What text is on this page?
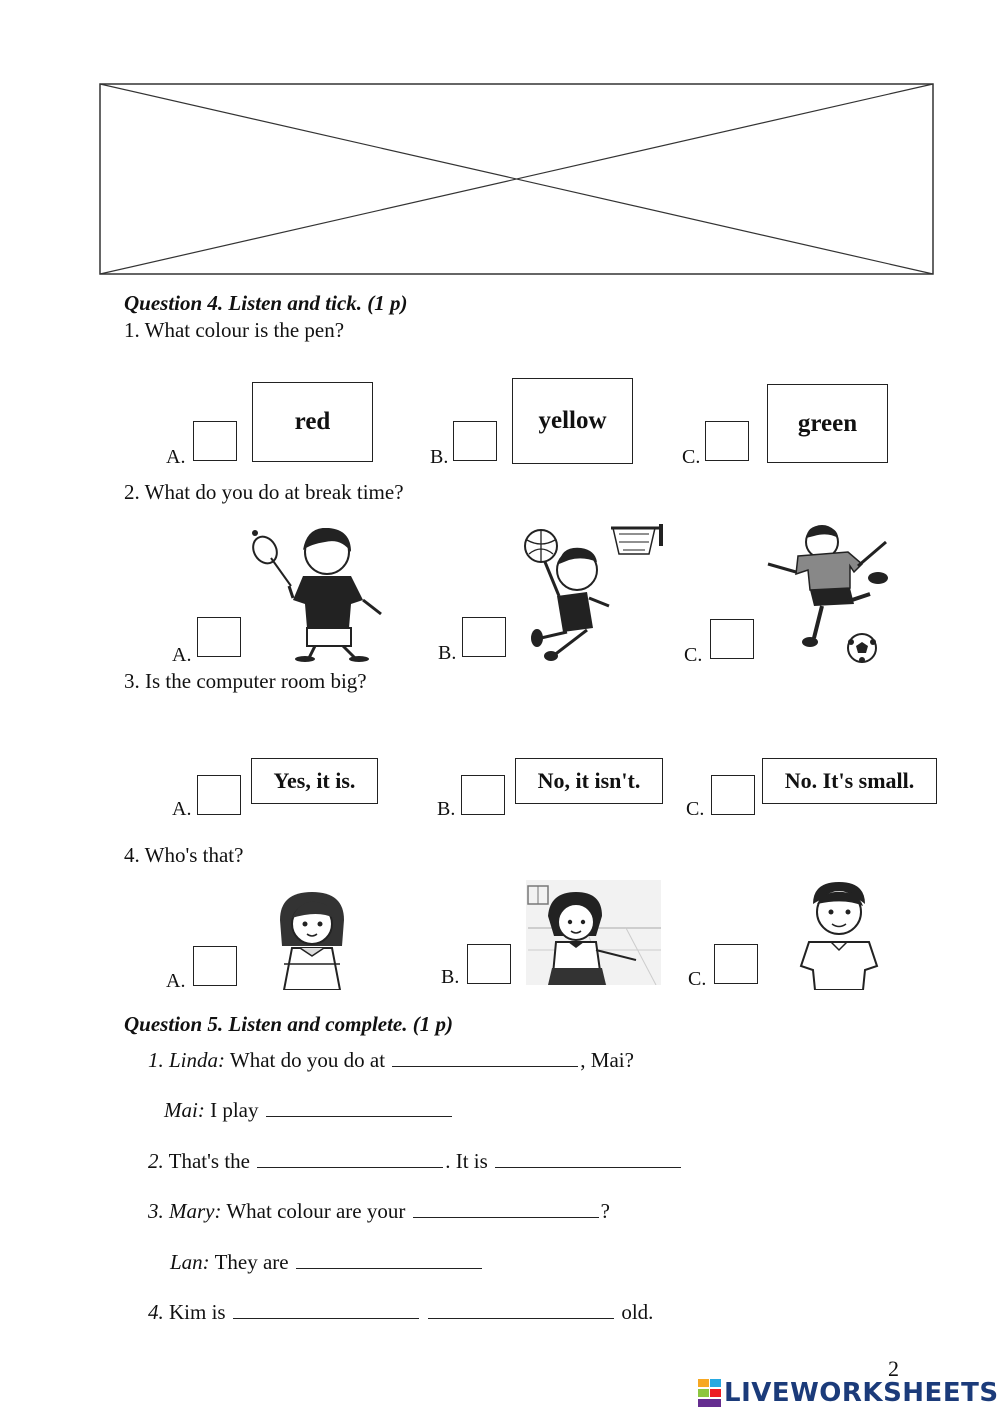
Question 4. Listen and tick. (1 p)
1. What colour is the pen?
A.
red
B.
yellow
C.
green
2. What do you do at break time?
A.	B.	C.
3. Is the computer room big?
A.
Yes, it is.
B.
No, it isn't.
C.
No. It's small.
4. Who's that?
A.	B.	C.
Question 5. Listen and complete. (1 p)
1. Linda: What do you do at	, Mai?
Mai: I play
2. That's the	. It is
3. Mary: What colour are your	?
Lan: They are
4. Kim is	old.
2
LIVEWORKSHEETS
